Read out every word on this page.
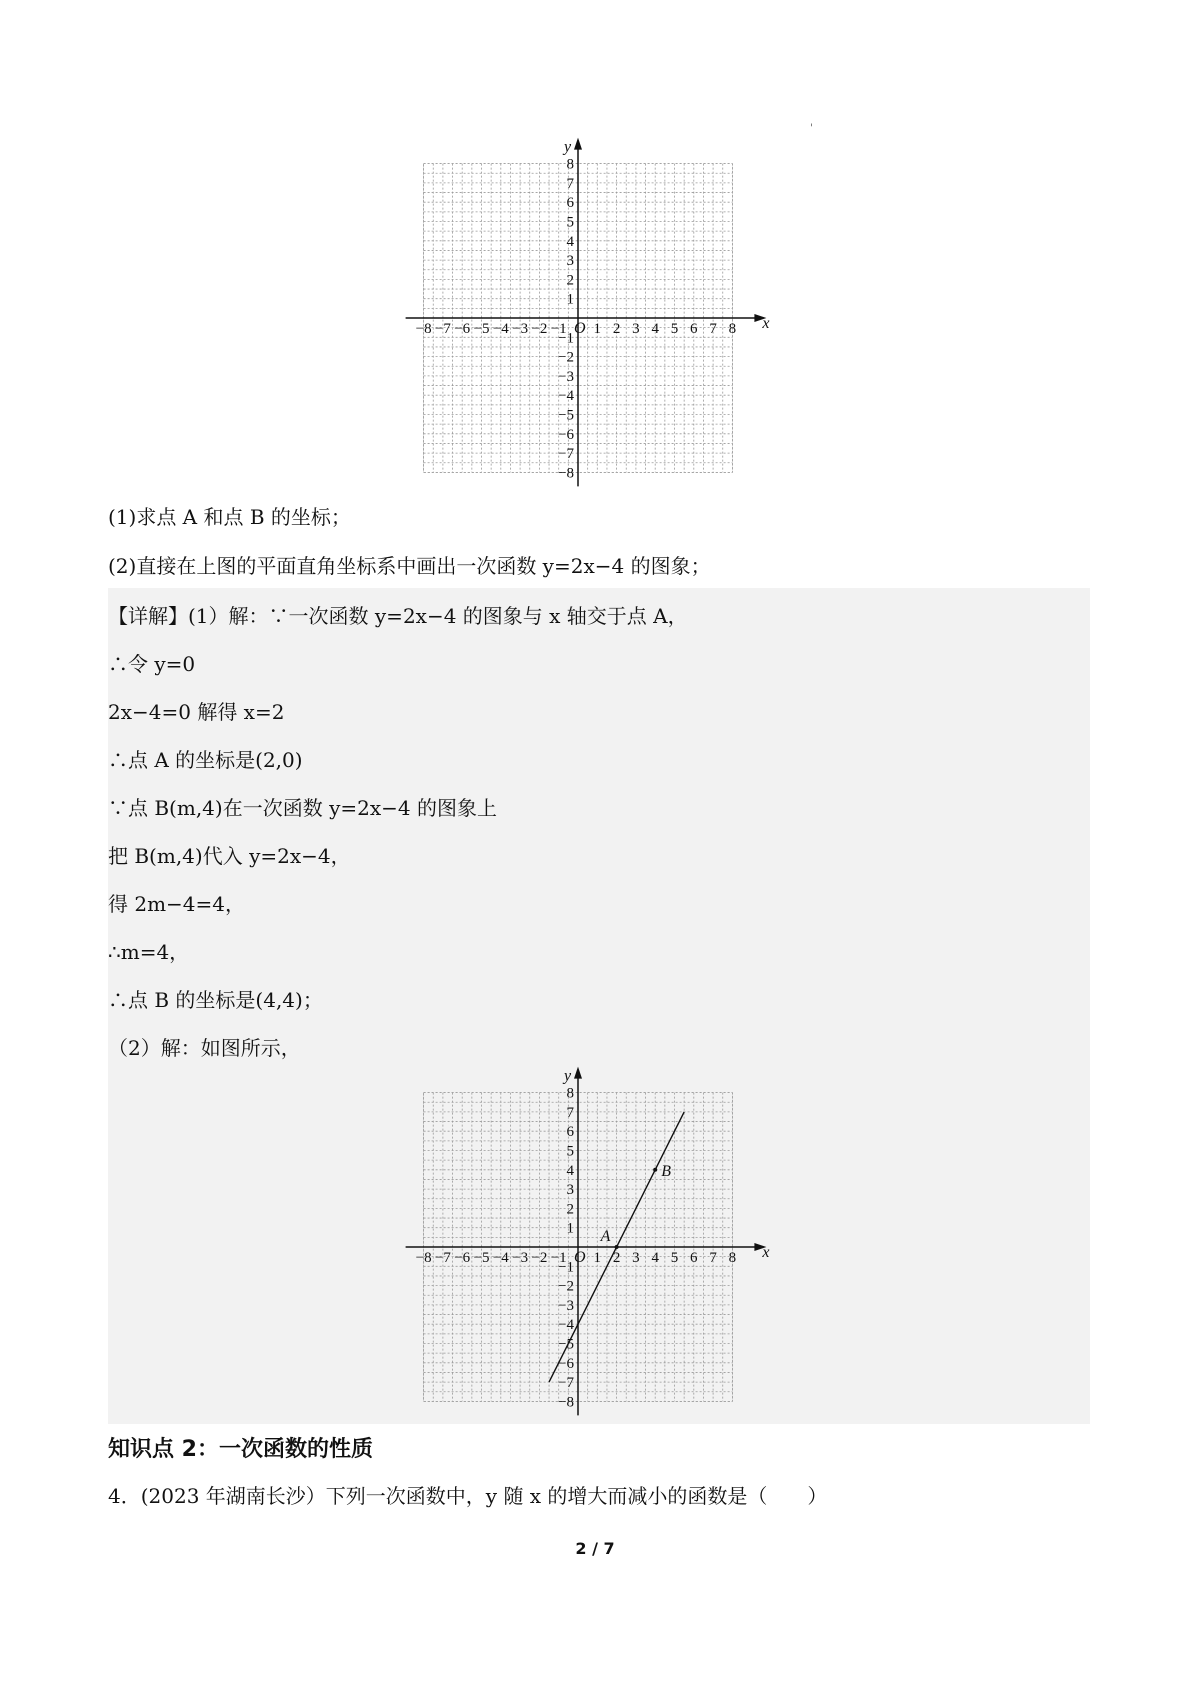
'
x
y
O
−8 −7 −6 −5 −4 −3 −2 −1 1 2 3 4 5 6 7 8
8
7
6
5
4
3
2
1
−1
−2
−3
−4
−5
−6
−7
−8
(1)求点 A 和点 B 的坐标；
(2)直接在上图的平面直角坐标系中画出一次函数 y=2x−4 的图象；
【详解】(1）解：∵一次函数 y=2x−4 的图象与 x 轴交于点 A，
∴令 y=0
2x−4=0 解得 x=2
∴点 A 的坐标是(2,0)
∵点 B(m,4)在一次函数 y=2x−4 的图象上
把 B(m,4)代入 y=2x−4，
得 2m−4=4，
∴m=4，
∴点 B 的坐标是(4,4)；
（2）解：如图所示，
x
y
O
−8 −7 −6 −5 −4 −3 −2 −1 1 2 3 4 5 6 7 8
8
7
6
5
4
3
2
1
−1
−2
−3
−4
−5
−6
−7
−8
A
B
知识点 2：一次函数的性质
4．(2023 年湖南长沙）下列一次函数中，y 随 x 的增大而减小的函数是（　　）
2 / 7
